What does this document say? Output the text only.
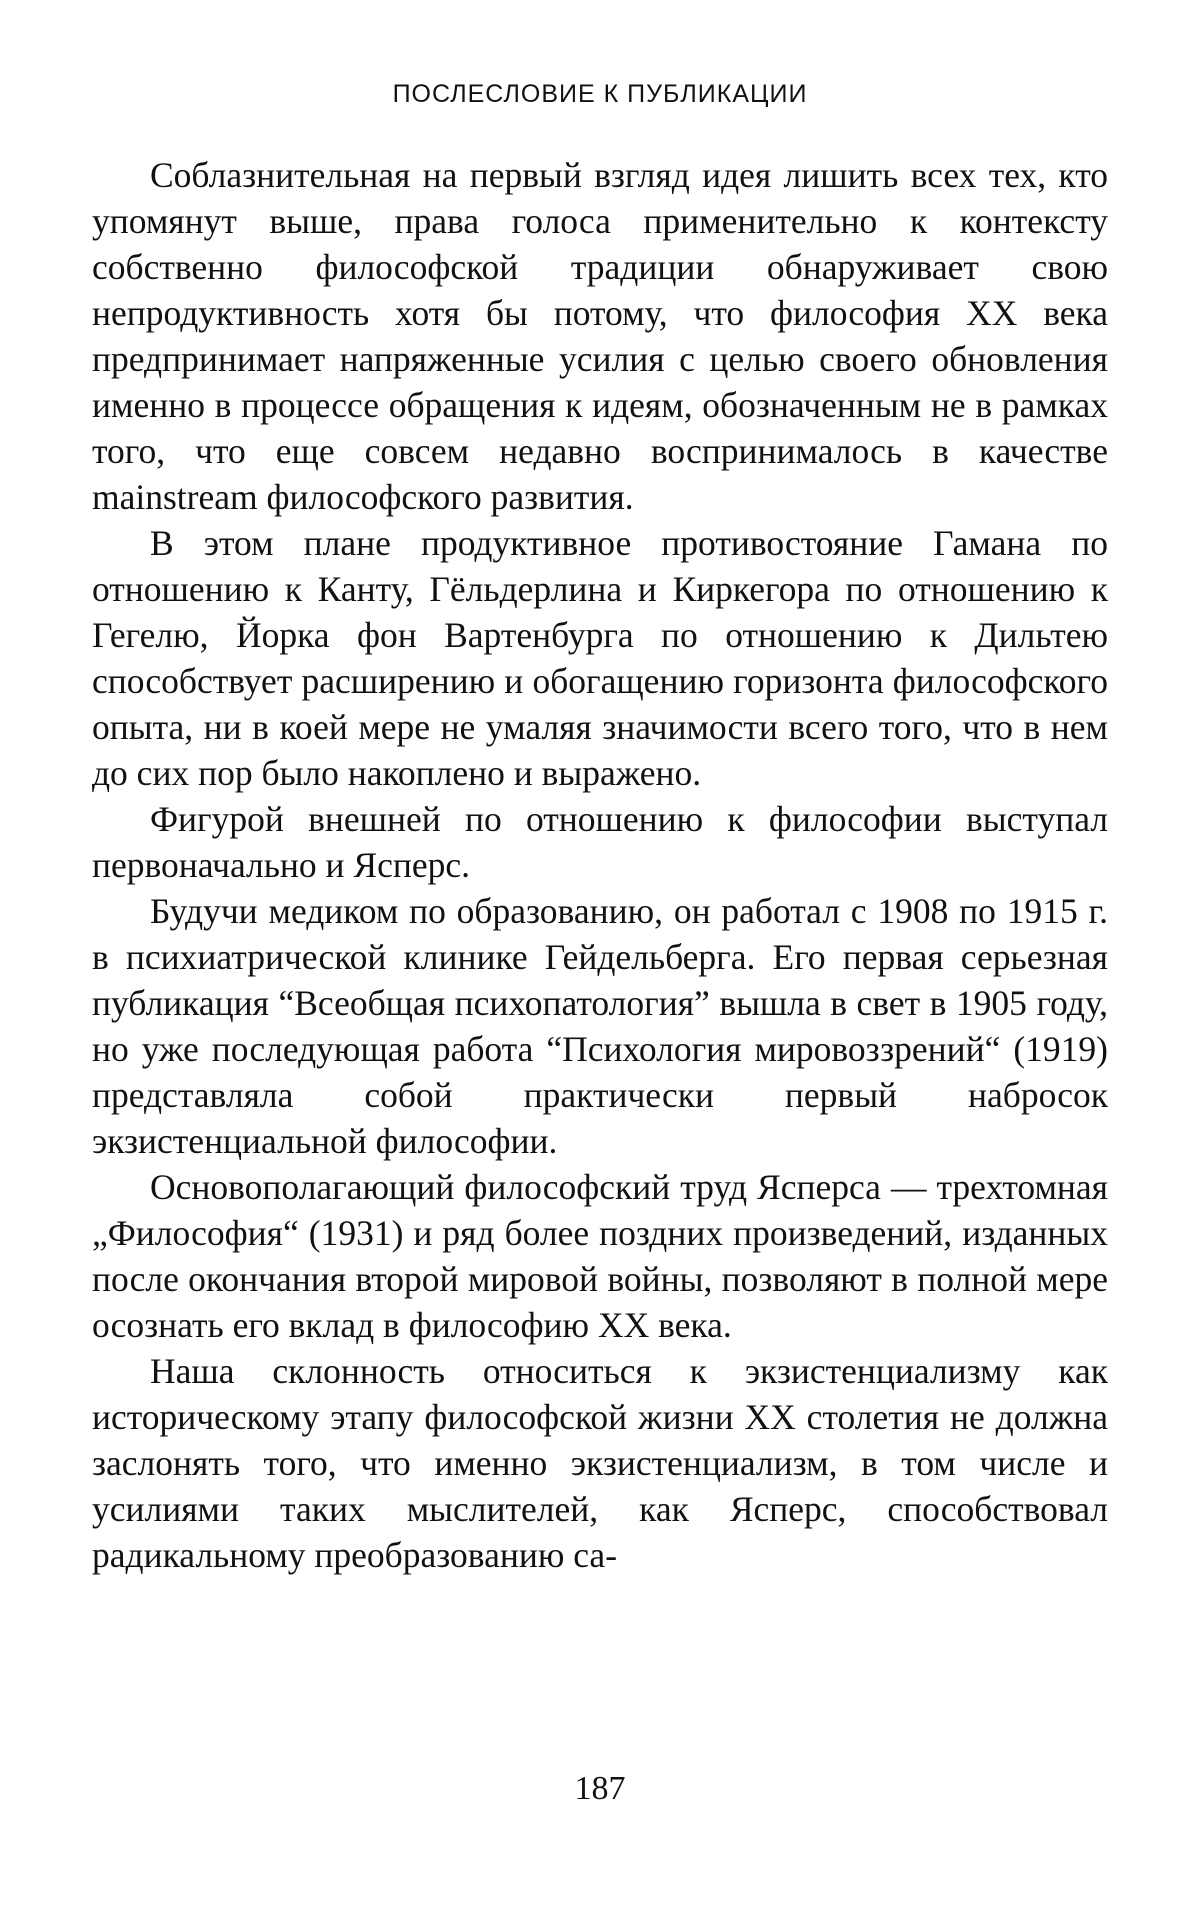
ПОСЛЕСЛОВИЕ К ПУБЛИКАЦИИ

Соблазнительная на первый взгляд идея лишить всех тех, кто упомянут выше, права голоса применительно к контексту собственно философской традиции обнаруживает свою непродуктивность хотя бы потому, что философия XX века предпринимает напряженные усилия с целью своего обновления именно в процессе обращения к идеям, обозначенным не в рамках того, что еще совсем недавно воспринималось в качестве mainstream философского развития.

В этом плане продуктивное противостояние Гамана по отношению к Канту, Гёльдерлина и Киркегора по отношению к Гегелю, Йорка фон Вартенбурга по отношению к Дильтею способствует расширению и обогащению горизонта философского опыта, ни в коей мере не умаляя значимости всего того, что в нем до сих пор было накоплено и выражено.

Фигурой внешней по отношению к философии выступал первоначально и Ясперс.

Будучи медиком по образованию, он работал с 1908 по 1915 г. в психиатрической клинике Гейдельберга. Его первая серьезная публикация “Всеобщая психопатология” вышла в свет в 1905 году, но уже последующая работа “Психология мировоззрений“ (1919) представляла собой практически первый набросок экзистенциальной философии.

Основополагающий философский труд Ясперса — трехтомная „Философия“ (1931) и ряд более поздних произведений, изданных после окончания второй мировой войны, позволяют в полной мере осознать его вклад в философию XX века.

Наша склонность относиться к экзистенциализму как историческому этапу философской жизни XX столетия не должна заслонять того, что именно экзистенциализм, в том числе и усилиями таких мыслителей, как Ясперс, способствовал радикальному преобразованию са-

187
